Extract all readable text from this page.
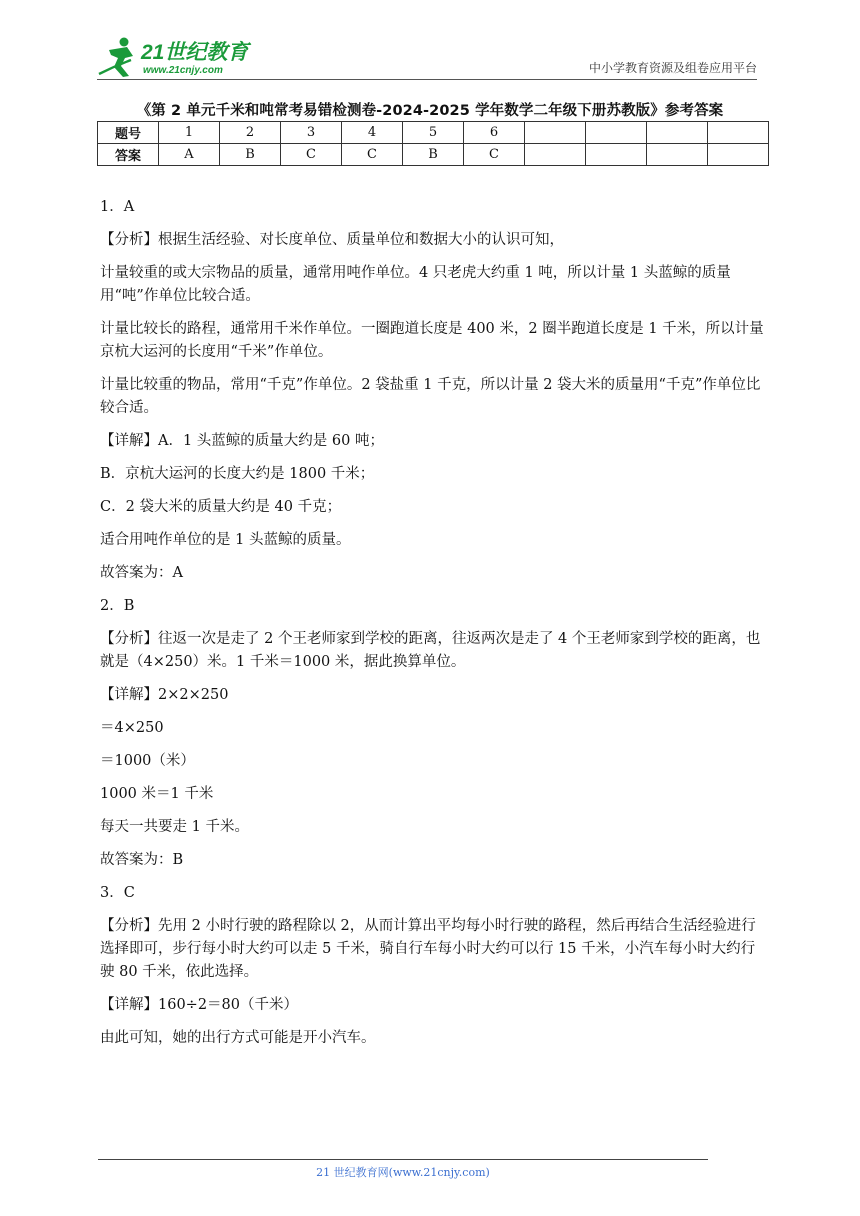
21世纪教育
www.21cnjy.com	中小学教育资源及组卷应用平台
《第 2 单元千米和吨常考易错检测卷-2024-2025 学年数学二年级下册苏教版》参考答案
题号	1	2	3	4	5	6				
答案	A	B	C	C	B	C				

1．A

【分析】根据生活经验、对长度单位、质量单位和数据大小的认识可知，

计量较重的或大宗物品的质量，通常用吨作单位。4 只老虎大约重 1 吨，所以计量 1 头蓝鲸的质量用“吨”作单位比较合适。

计量比较长的路程，通常用千米作单位。一圈跑道长度是 400 米，2 圈半跑道长度是 1 千米，所以计量京杭大运河的长度用“千米”作单位。

计量比较重的物品，常用“千克”作单位。2 袋盐重 1 千克，所以计量 2 袋大米的质量用“千克”作单位比较合适。

【详解】A．1 头蓝鲸的质量大约是 60 吨；

B．京杭大运河的长度大约是 1800 千米；

C．2 袋大米的质量大约是 40 千克；

适合用吨作单位的是 1 头蓝鲸的质量。

故答案为：A

2．B

【分析】往返一次是走了 2 个王老师家到学校的距离，往返两次是走了 4 个王老师家到学校的距离，也就是（4×250）米。1 千米＝1000 米，据此换算单位。

【详解】2×2×250

＝4×250

＝1000（米）

1000 米＝1 千米

每天一共要走 1 千米。

故答案为：B

3．C

【分析】先用 2 小时行驶的路程除以 2，从而计算出平均每小时行驶的路程，然后再结合生活经验进行选择即可，步行每小时大约可以走 5 千米，骑自行车每小时大约可以行 15 千米，小汽车每小时大约行驶 80 千米，依此选择。

【详解】160÷2＝80（千米）

由此可知，她的出行方式可能是开小汽车。

21 世纪教育网(www.21cnjy.com)
